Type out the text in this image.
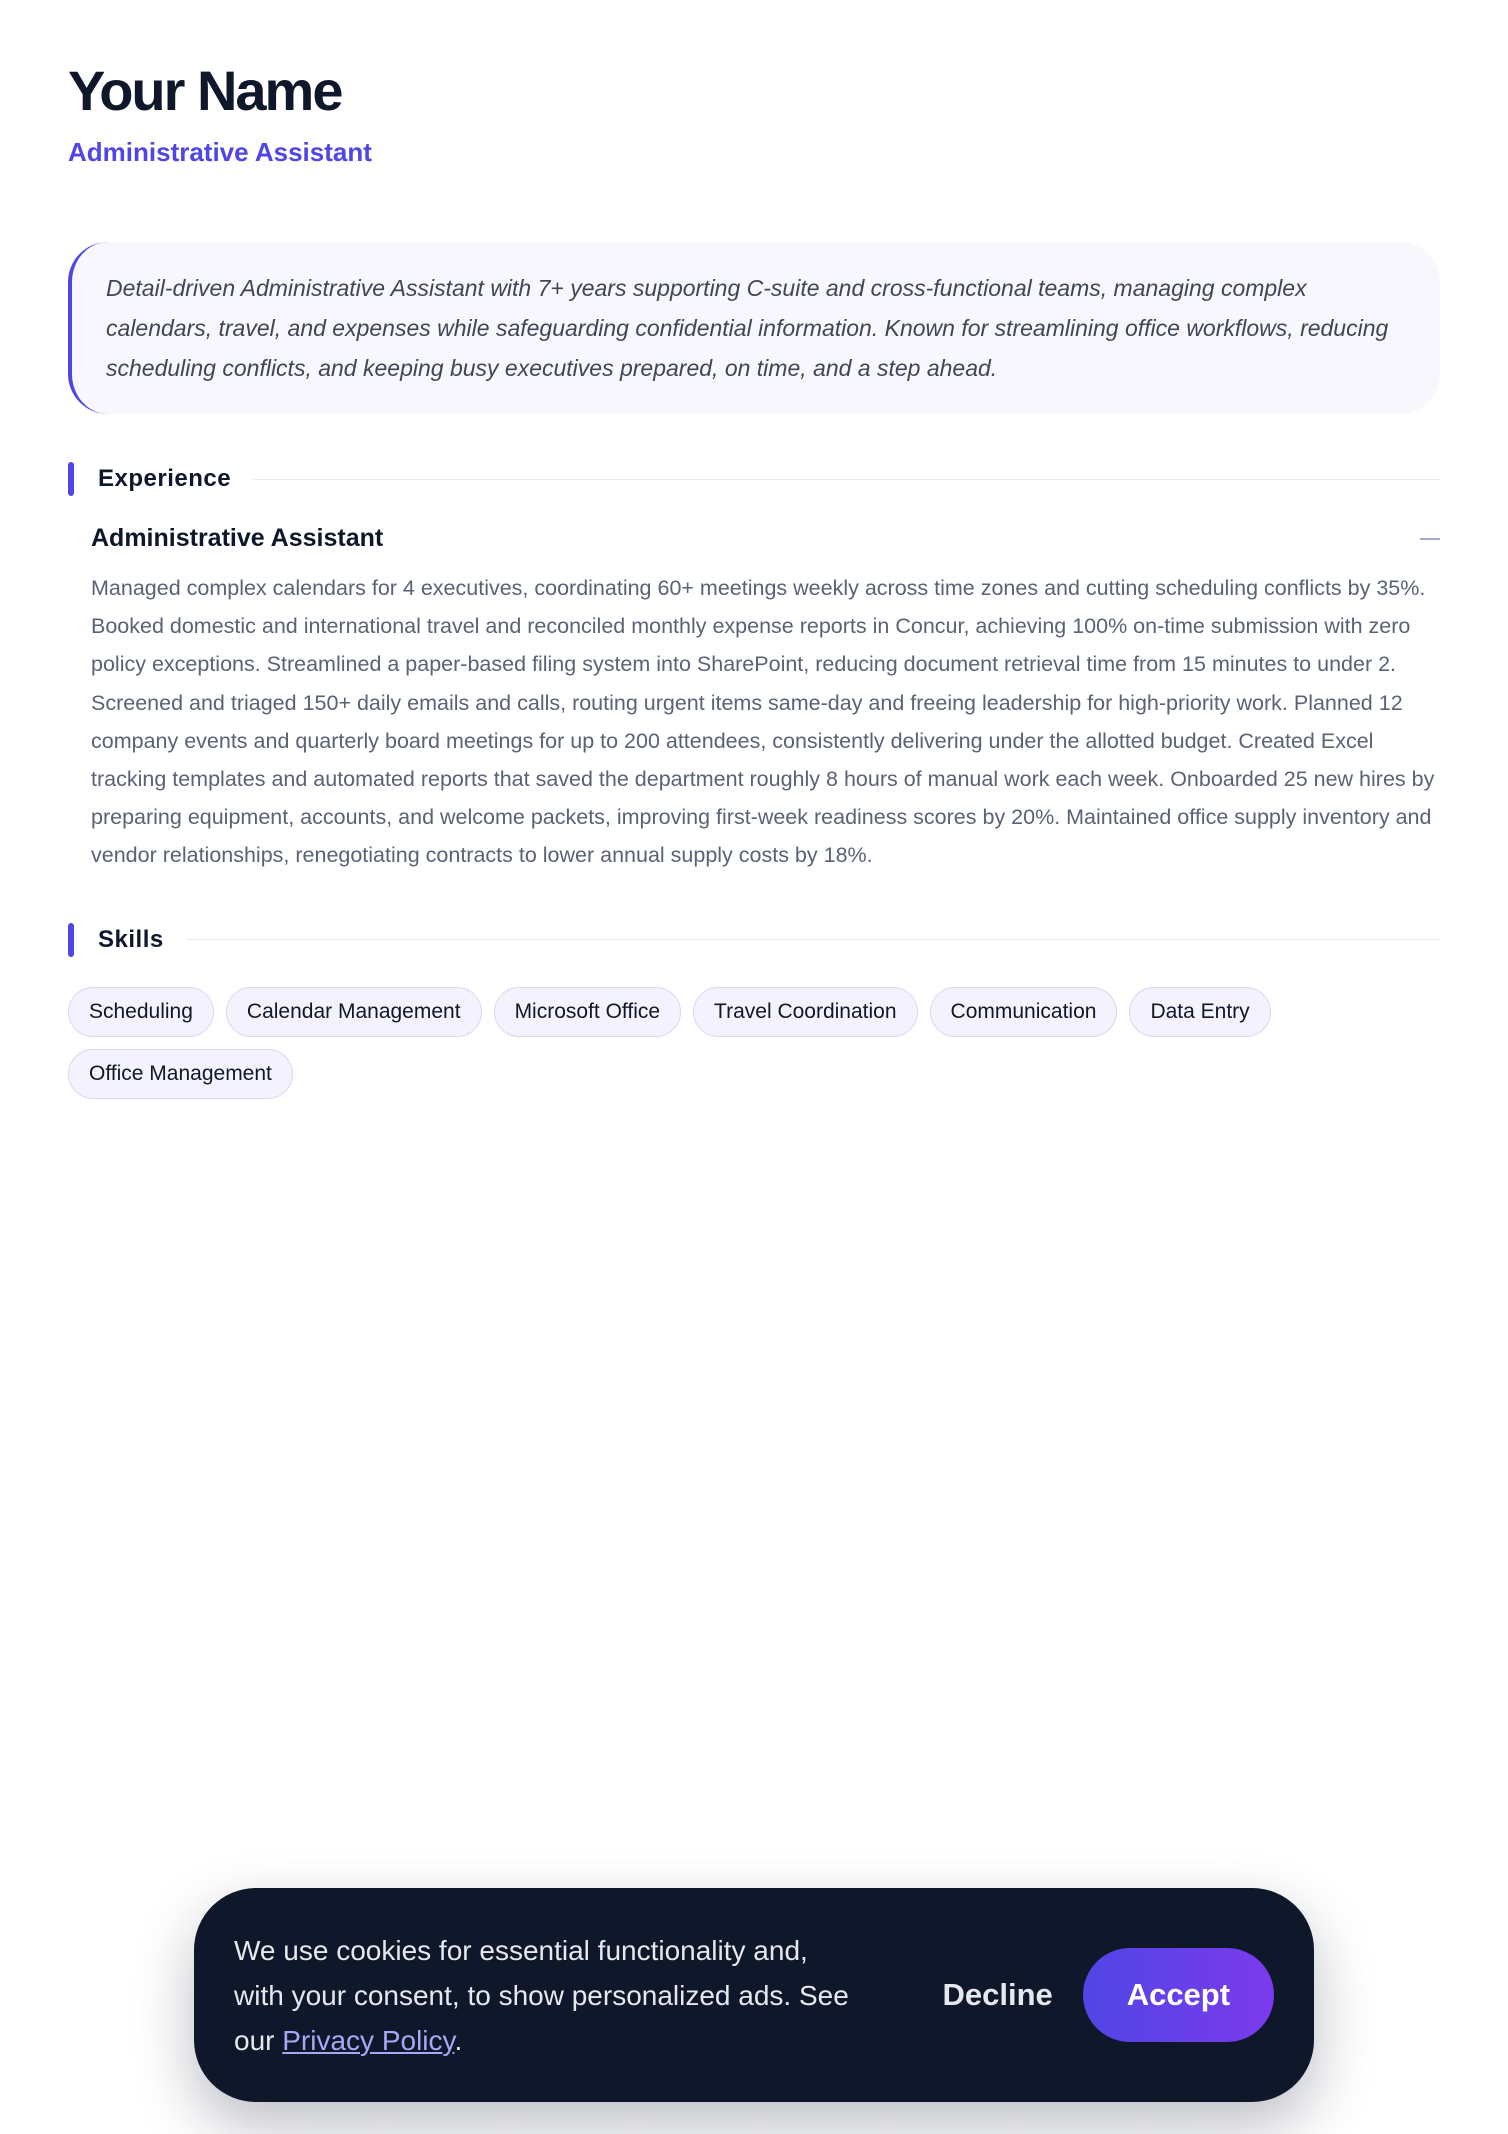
Your Name
Administrative Assistant
Detail-driven Administrative Assistant with 7+ years supporting C-suite and cross-functional teams, managing complex calendars, travel, and expenses while safeguarding confidential information. Known for streamlining office workflows, reducing scheduling conflicts, and keeping busy executives prepared, on time, and a step ahead.
Experience
Administrative Assistant
Managed complex calendars for 4 executives, coordinating 60+ meetings weekly across time zones and cutting scheduling conflicts by 35%. Booked domestic and international travel and reconciled monthly expense reports in Concur, achieving 100% on-time submission with zero policy exceptions. Streamlined a paper-based filing system into SharePoint, reducing document retrieval time from 15 minutes to under 2. Screened and triaged 150+ daily emails and calls, routing urgent items same-day and freeing leadership for high-priority work. Planned 12 company events and quarterly board meetings for up to 200 attendees, consistently delivering under the allotted budget. Created Excel tracking templates and automated reports that saved the department roughly 8 hours of manual work each week. Onboarded 25 new hires by preparing equipment, accounts, and welcome packets, improving first-week readiness scores by 20%. Maintained office supply inventory and vendor relationships, renegotiating contracts to lower annual supply costs by 18%.
Skills
Scheduling	Calendar Management	Microsoft Office	Travel Coordination	Communication	Data Entry
Office Management
We use cookies for essential functionality and, with your consent, to show personalized ads. See our Privacy Policy.
Decline	Accept
